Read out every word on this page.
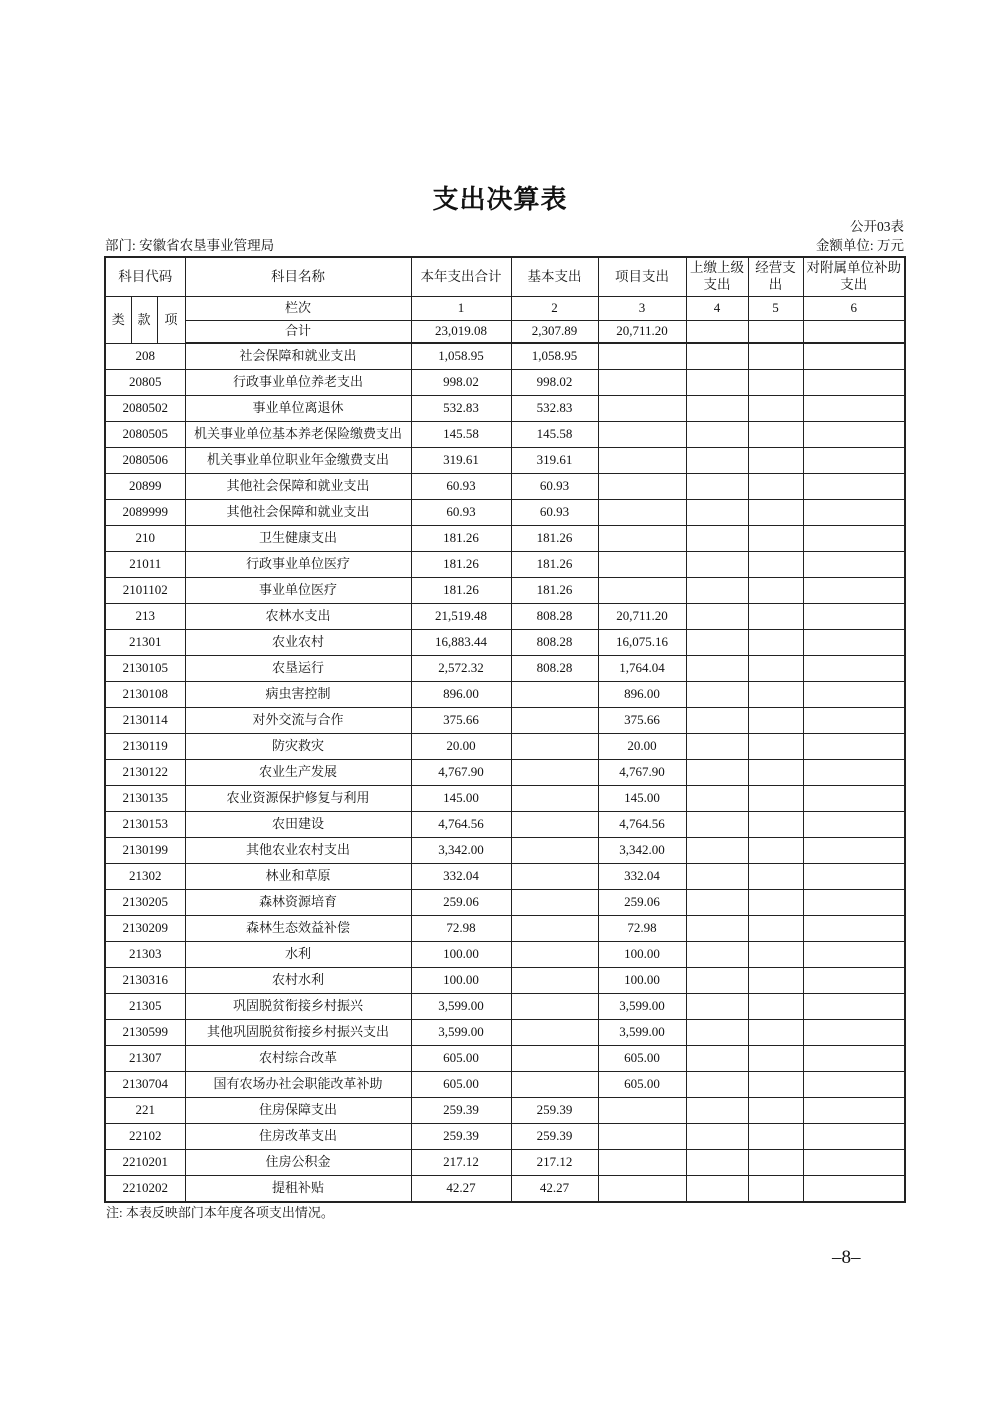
支出决算表
公开03表
部门: 安徽省农垦事业管理局	金额单位: 万元
科目代码			科目名称	本年支出合计	基本支出	项目支出	上缴上级支出	经营支出	对附属单位补助支出
类	款	项	栏次	1	2	3	4	5	6
			合计	23,019.08	2,307.89	20,711.20			
208			社会保障和就业支出	1,058.95	1,058.95				
20805			行政事业单位养老支出	998.02	998.02				
2080502			事业单位离退休	532.83	532.83				
2080505			机关事业单位基本养老保险缴费支出	145.58	145.58				
2080506			机关事业单位职业年金缴费支出	319.61	319.61				
20899			其他社会保障和就业支出	60.93	60.93				
2089999			其他社会保障和就业支出	60.93	60.93				
210			卫生健康支出	181.26	181.26				
21011			行政事业单位医疗	181.26	181.26				
2101102			事业单位医疗	181.26	181.26				
213			农林水支出	21,519.48	808.28	20,711.20			
21301			农业农村	16,883.44	808.28	16,075.16			
2130105			农垦运行	2,572.32	808.28	1,764.04			
2130108			病虫害控制	896.00		896.00			
2130114			对外交流与合作	375.66		375.66			
2130119			防灾救灾	20.00		20.00			
2130122			农业生产发展	4,767.90		4,767.90			
2130135			农业资源保护修复与利用	145.00		145.00			
2130153			农田建设	4,764.56		4,764.56			
2130199			其他农业农村支出	3,342.00		3,342.00			
21302			林业和草原	332.04		332.04			
2130205			森林资源培育	259.06		259.06			
2130209			森林生态效益补偿	72.98		72.98			
21303			水利	100.00		100.00			
2130316			农村水利	100.00		100.00			
21305			巩固脱贫衔接乡村振兴	3,599.00		3,599.00			
2130599			其他巩固脱贫衔接乡村振兴支出	3,599.00		3,599.00			
21307			农村综合改革	605.00		605.00			
2130704			国有农场办社会职能改革补助	605.00		605.00			
221			住房保障支出	259.39	259.39				
22102			住房改革支出	259.39	259.39				
2210201			住房公积金	217.12	217.12				
2210202			提租补贴	42.27	42.27				
注: 本表反映部门本年度各项支出情况。
–8–
